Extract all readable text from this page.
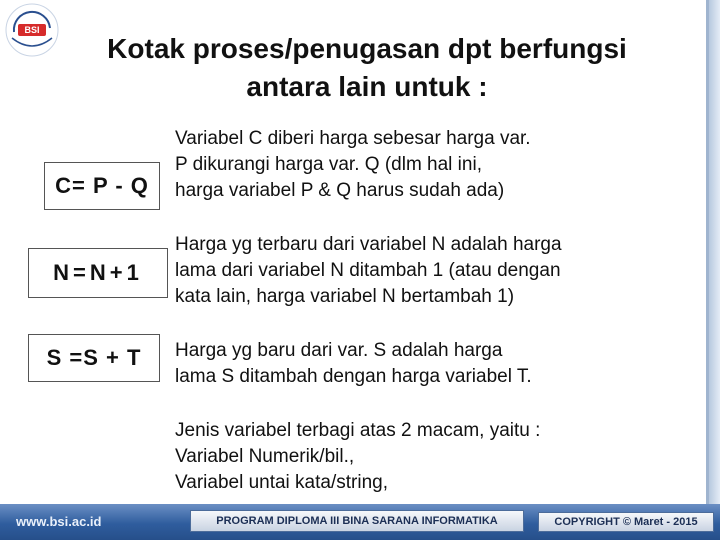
BSI
Kotak proses/penugasan dpt berfungsi
antara lain untuk :
C= P - Q
Variabel C diberi harga sebesar harga var.
P dikurangi harga var. Q (dlm hal ini,
harga variabel P & Q harus sudah ada)
N=N+1
Harga yg terbaru dari variabel N adalah harga
lama dari variabel N ditambah 1 (atau dengan
kata lain, harga variabel N bertambah 1)
S =S + T Harga yg baru dari var. S adalah harga
lama S ditambah dengan harga variabel T.
Jenis variabel terbagi atas 2 macam, yaitu :
Variabel Numerik/bil.,
Variabel untai kata/string,
www.bsi.ac.id	PROGRAM DIPLOMA III BINA SARANA INFORMATIKA	COPYRIGHT © Maret - 2015
